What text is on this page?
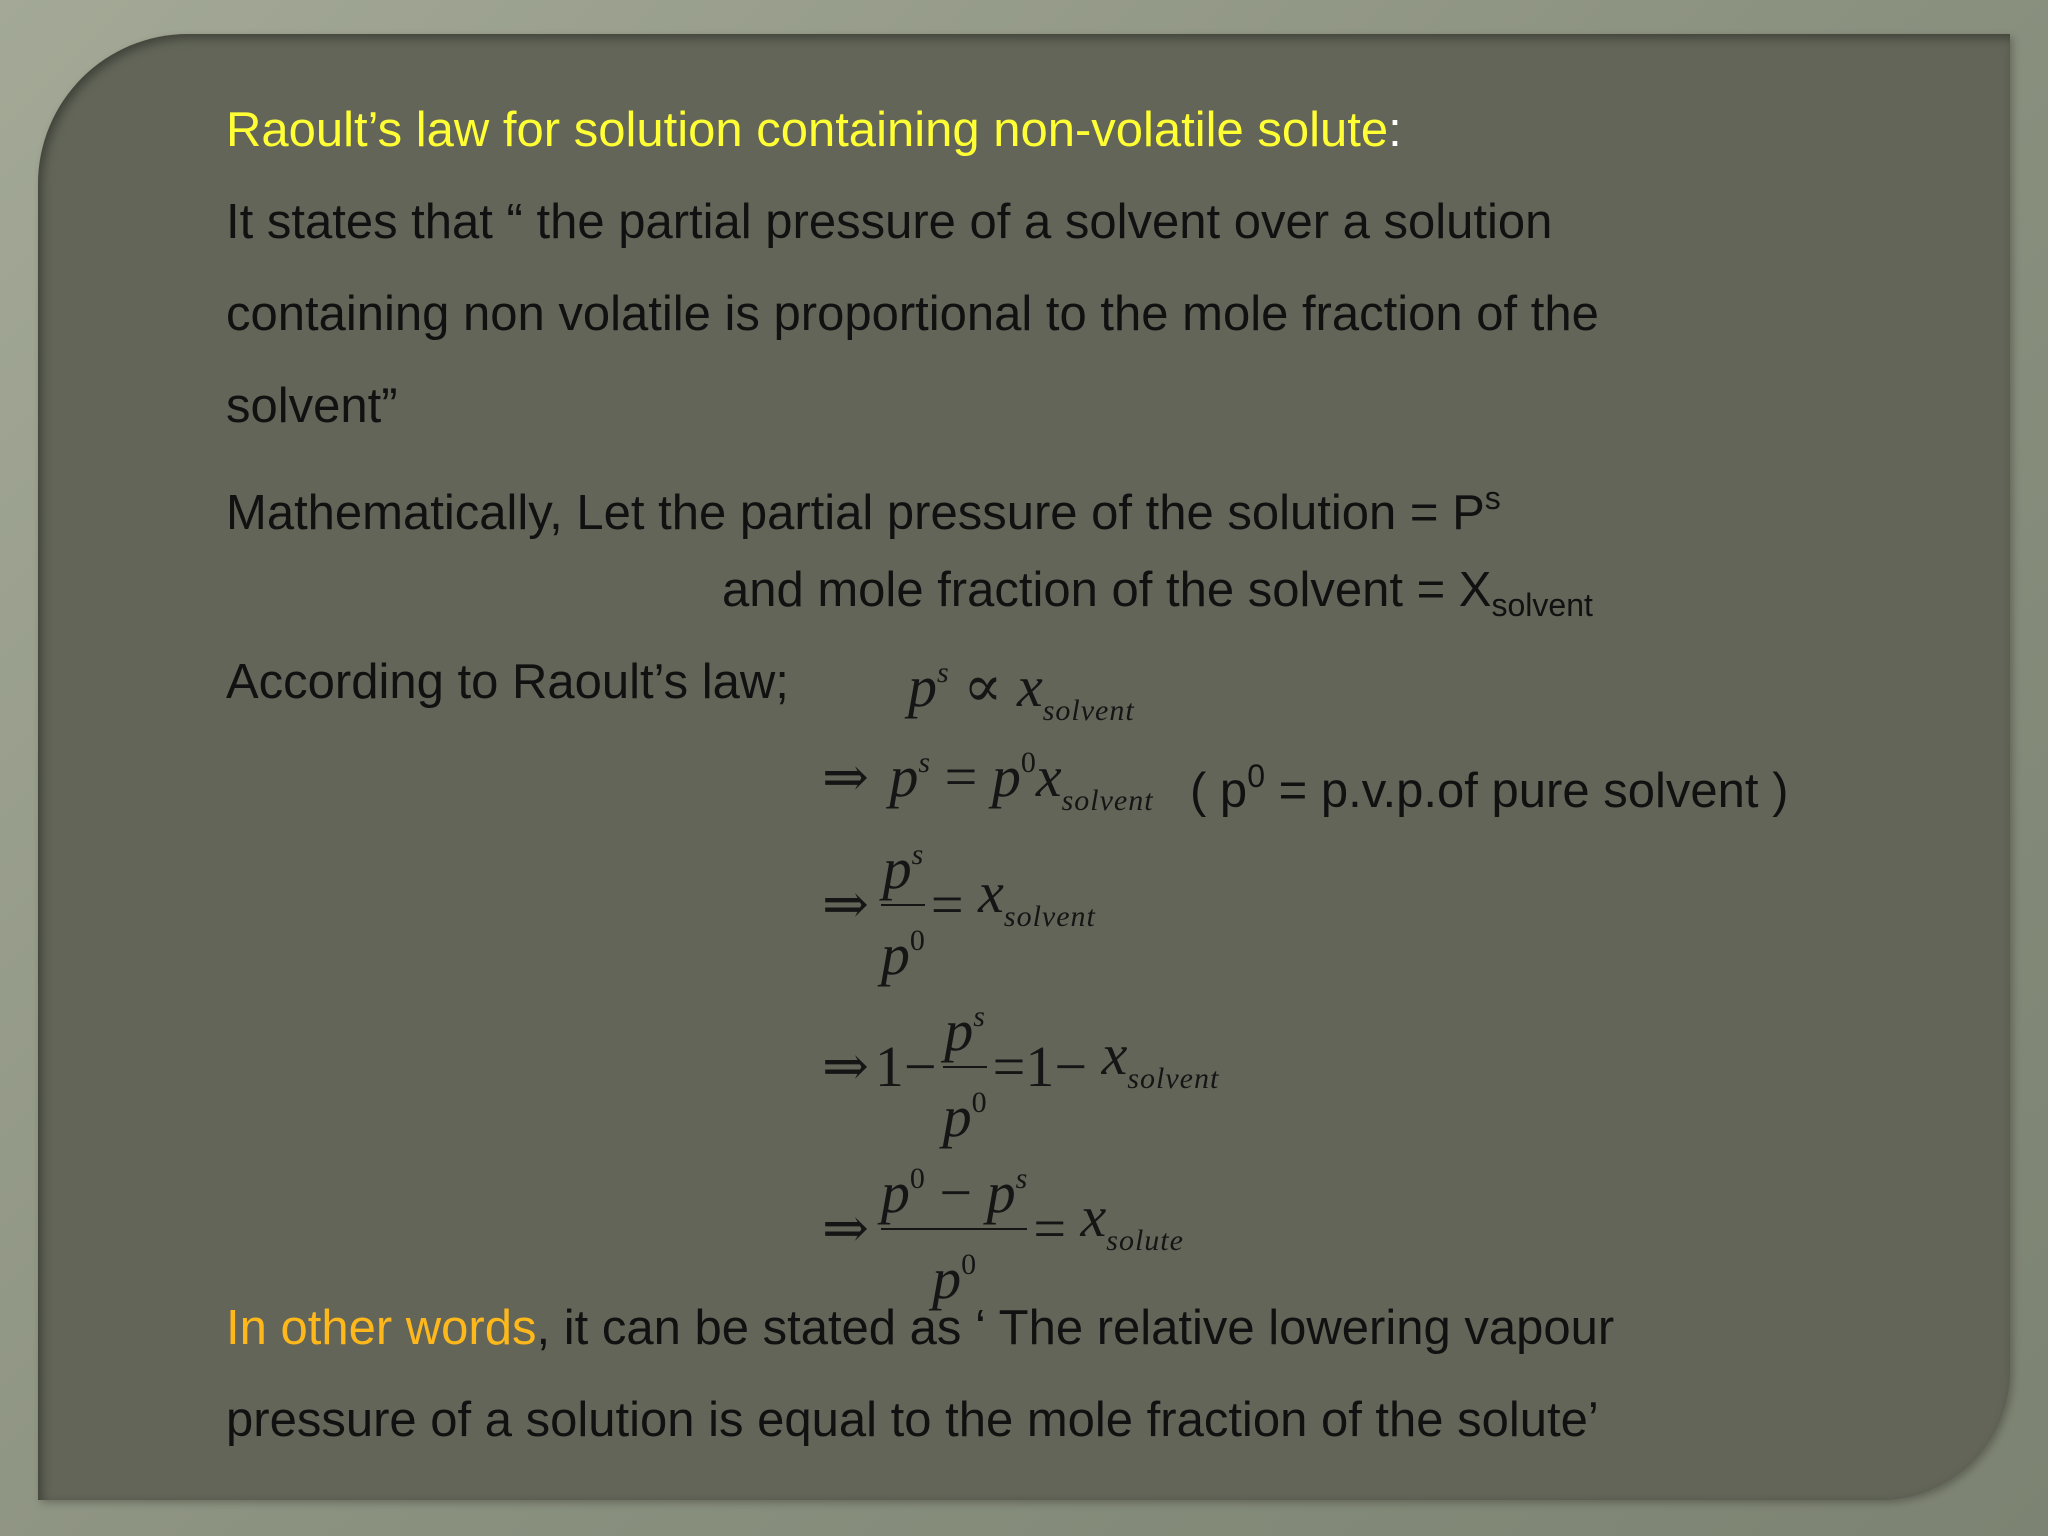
Raoult’s law for solution containing non-volatile solute:
It states that “ the partial pressure of a solvent over a solution
containing non volatile is proportional to the mole fraction of the
solvent”
Mathematically, Let the partial pressure of the solution = $P^s$
and mole fraction of the solvent = $X_{solvent}$
According to Raoult’s law; $p^s \propto x_{solvent}$
⇒ $p^s = p^0x_{solvent}$ ( $p^0 = p.v.p.of$ pure solvent )
⇒ $\frac{p^s}{p^0} = x_{solvent}$
⇒ $1- \frac{p^s}{p^0} =1- x_{solvent}$
⇒ $\frac{p^0 - p^s}{p^0} = x_{solute}$
In other words, it can be stated as ‘ The relative lowering vapour
pressure of a solution is equal to the mole fraction of the solute’
